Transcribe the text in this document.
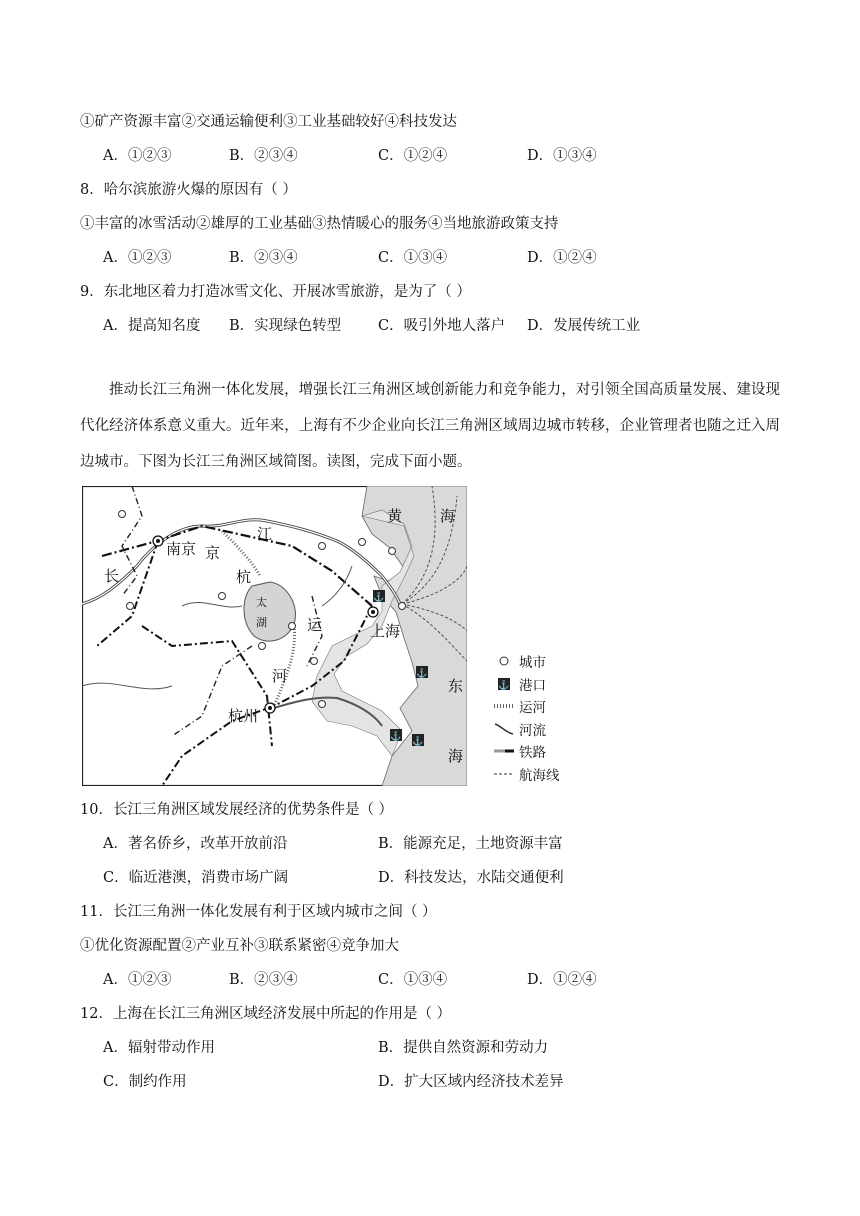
①矿产资源丰富②交通运输便利③工业基础较好④科技发达
A．①②③	B．②③④	C．①②④	D．①③④
8．哈尔滨旅游火爆的原因有（ ）
①丰富的冰雪活动②雄厚的工业基础③热情暖心的服务④当地旅游政策支持
A．①②③	B．②③④	C．①③④	D．①②④
9．东北地区着力打造冰雪文化、开展冰雪旅游，是为了（ ）
A．提高知名度 B．实现绿色转型	C．吸引外地人落户 D．发展传统工业
推动长江三角洲一体化发展，增强长江三角洲区域创新能力和竞争能力，对引领全国高质量发展、建设现代化经济体系意义重大。近年来，上海有不少企业向长江三角洲区域周边城市转移，企业管理者也随之迁入周边城市。下图为长江三角洲区域简图。读图，完成下面小题。
⚓
⚓
⚓ ⚓
南京 京
江
杭
长
运
河
上海
杭州
黄	海
东
海
太
湖
城市
⚓ 港口
运河
河流
铁路
航海线
10．长江三角洲区域发展经济的优势条件是（ ）
A．著名侨乡，改革开放前沿	B．能源充足，土地资源丰富
C．临近港澳，消费市场广阔	D．科技发达，水陆交通便利
11．长江三角洲一体化发展有利于区域内城市之间（ ）
①优化资源配置②产业互补③联系紧密④竞争加大
A．①②③	B．②③④	C．①③④	D．①②④
12．上海在长江三角洲区域经济发展中所起的作用是（ ）
A．辐射带动作用	B．提供自然资源和劳动力
C．制约作用	D．扩大区域内经济技术差异
